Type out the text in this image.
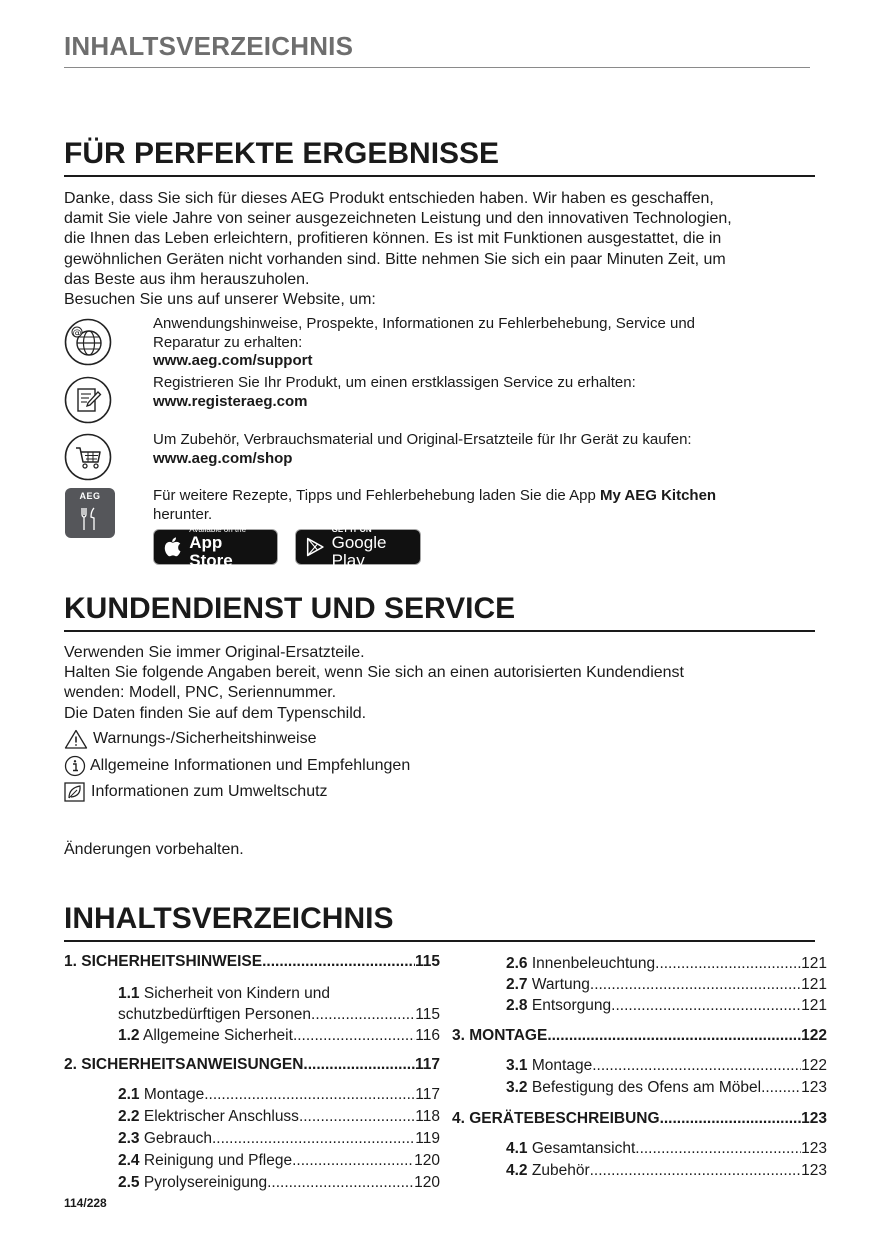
INHALTSVERZEICHNIS
FÜR PERFEKTE ERGEBNISSE
Danke, dass Sie sich für dieses AEG Produkt entschieden haben. Wir haben es geschaffen,
damit Sie viele Jahre von seiner ausgezeichneten Leistung und den innovativen Technologien,
die Ihnen das Leben erleichtern, profitieren können. Es ist mit Funktionen ausgestattet, die in
gewöhnlichen Geräten nicht vorhanden sind. Bitte nehmen Sie sich ein paar Minuten Zeit, um
das Beste aus ihm herauszuholen.
Besuchen Sie uns auf unserer Website, um:
@
Anwendungshinweise, Prospekte, Informationen zu Fehlerbehebung, Service und
Reparatur zu erhalten:
www.aeg.com/support
Registrieren Sie Ihr Produkt, um einen erstklassigen Service zu erhalten:
www.registeraeg.com
Um Zubehör, Verbrauchsmaterial und Original-Ersatzteile für Ihr Gerät zu kaufen:
www.aeg.com/shop
AEG	Für weitere Rezepte, Tipps und Fehlerbehebung laden Sie die App My AEG Kitchen
herunter.
Available on the
App Store
GET IT ON
Google Play
KUNDENDIENST UND SERVICE
Verwenden Sie immer Original-Ersatzteile.
Halten Sie folgende Angaben bereit, wenn Sie sich an einen autorisierten Kundendienst
wenden: Modell, PNC, Seriennummer.
Die Daten finden Sie auf dem Typenschild.
Warnungs-/Sicherheitshinweise
Allgemeine Informationen und Empfehlungen
Informationen zum Umweltschutz
Änderungen vorbehalten.
INHALTSVERZEICHNIS
1. SICHERHEITSHINWEISE .....	115
1.1 Sicherheit von Kindern und
schutzbedürftigen Personen .....	115
1.2 Allgemeine Sicherheit .....	116
2. SICHERHEITSANWEISUNGEN .....	117
2.1 Montage .....	117
2.2 Elektrischer Anschluss .....	118
2.3 Gebrauch .....	119
2.4 Reinigung und Pflege .....	120
2.5 Pyrolysereinigung .....	120
2.6 Innenbeleuchtung .....	121
2.7 Wartung .....	121
2.8 Entsorgung .....	121
3. MONTAGE .....	122
3.1 Montage .....	122
3.2 Befestigung des Ofens am Möbel .....	123
4. GERÄTEBESCHREIBUNG .....	123
4.1 Gesamtansicht .....	123
4.2 Zubehör .....	123
114/228
